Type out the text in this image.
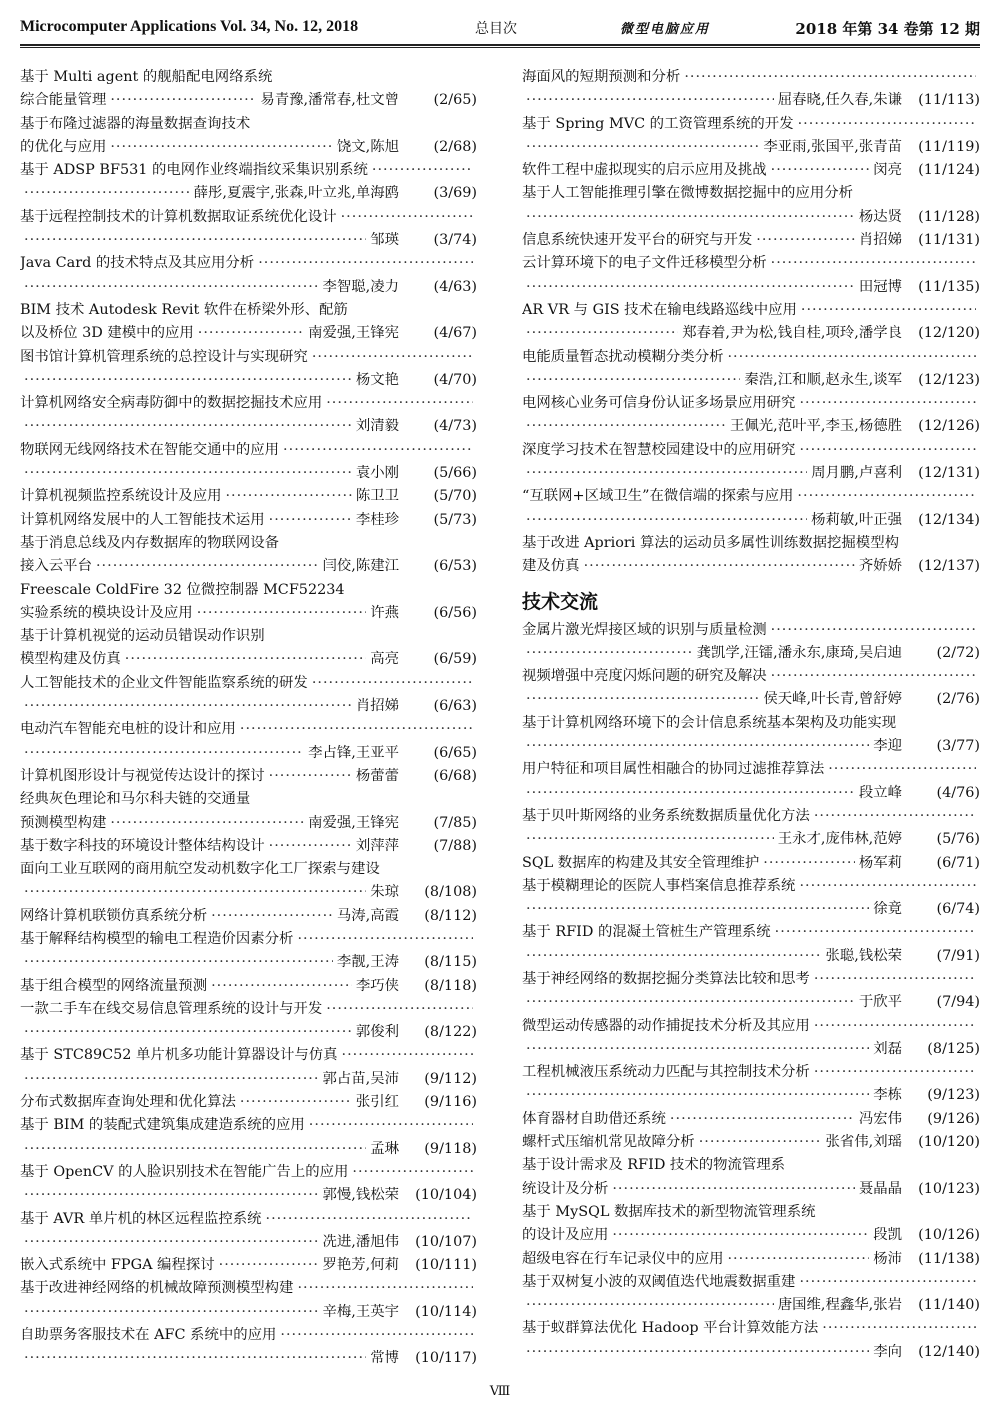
Microcomputer Applications Vol. 34, No. 12, 2018	总目次	微型电脑应用	2018 年第 34 卷第 12 期
基于 Multi agent 的舰船配电网络系统
综合能量管理 ·····	易青豫,潘常春,杜文曾	(2/65)
基于布隆过滤器的海量数据查询技术
的优化与应用 ·····	饶文,陈旭	(2/68)
基于 ADSP BF531 的电网作业终端指纹采集识别系统
·····
·····
薛彤,夏震宇,张森,叶立兆,单海鸥	(3/69)
基于远程控制技术的计算机数据取证系统优化设计
·····
·····
邹瑛	(3/74)
Java Card 的技术特点及其应用分析
·····
·····
李智聪,凌力	(4/63)
BIM 技术 Autodesk Revit 软件在桥梁外形、配筋
以及桥位 3D 建模中的应用 ·····	南爱强,王锋宪	(4/67)
图书馆计算机管理系统的总控设计与实现研究
·····
·····
杨文艳	(4/70)
计算机网络安全病毒防御中的数据挖掘技术应用
·····
·····
刘清毅	(4/73)
物联网无线网络技术在智能交通中的应用
·····
·····
袁小刚	(5/66)
计算机视频监控系统设计及应用 ·····	陈卫卫	(5/70)
计算机网络发展中的人工智能技术运用 ·····	李桂珍	(5/73)
基于消息总线及内存数据库的物联网设备
接入云平台 ·····	闫佼,陈建江	(6/53)
Freescale ColdFire 32 位微控制器 MCF52234
实验系统的模块设计及应用 ·····	许燕	(6/56)
基于计算机视觉的运动员错误动作识别
模型构建及仿真 ·····	高亮	(6/59)
人工智能技术的企业文件智能监察系统的研发
·····
·····
肖招娣	(6/63)
电动汽车智能充电桩的设计和应用
·····
·····
李占锋,王亚平	(6/65)
计算机图形设计与视觉传达设计的探讨 ·····	杨蕾蕾	(6/68)
经典灰色理论和马尔科夫链的交通量
预测模型构建 ·····	南爱强,王锋宪	(7/85)
基于数字科技的环境设计整体结构设计 ·····	刘萍萍	(7/88)
面向工业互联网的商用航空发动机数字化工厂探索与建设
·····
朱琼	(8/108)
网络计算机联锁仿真系统分析 ·····	马涛,高霞	(8/112)
基于解释结构模型的输电工程造价因素分析
·····
·····
李靓,王涛	(8/115)
基于组合模型的网络流量预测 ·····	李巧侠	(8/118)
一款二手车在线交易信息管理系统的设计与开发
·····
·····
郭俊利	(8/122)
基于 STC89C52 单片机多功能计算器设计与仿真
·····
·····
郭占苗,吴沛	(9/112)
分布式数据库查询处理和优化算法 ·····	张引红	(9/116)
基于 BIM 的装配式建筑集成建造系统的应用
·····
·····
孟琳	(9/118)
基于 OpenCV 的人脸识别技术在智能广告上的应用
·····
·····
郭慢,钱松荣	(10/104)
基于 AVR 单片机的林区远程监控系统
·····
·····
冼进,潘旭伟	(10/107)
嵌入式系统中 FPGA 编程探讨 ·····	罗艳芳,何莉	(10/111)
基于改进神经网络的机械故障预测模型构建
·····
·····
辛梅,王英宇	(10/114)
自助票务客服技术在 AFC 系统中的应用
·····
·····
常博	(10/117)
海面风的短期预测和分析
·····
·····
屈春晓,任久春,朱谦	(11/113)
基于 Spring MVC 的工资管理系统的开发
·····
·····
李亚雨,张国平,张青苗	(11/119)
软件工程中虚拟现实的启示应用及挑战 ·····	闵亮	(11/124)
基于人工智能推理引擎在微博数据挖掘中的应用分析
·····
杨达贤	(11/128)
信息系统快速开发平台的研究与开发 ·····	肖招娣	(11/131)
云计算环境下的电子文件迁移模型分析
·····
·····
田冠博	(11/135)
AR VR 与 GIS 技术在输电线路巡线中应用
·····
·····
郑春着,尹为松,钱自桂,项玲,潘学良	(12/120)
电能质量暂态扰动模糊分类分析
·····
·····
秦浩,江和顺,赵永生,谈军	(12/123)
电网核心业务可信身份认证多场景应用研究
·····
·····
王佩光,范叶平,李玉,杨德胜	(12/126)
深度学习技术在智慧校园建设中的应用研究
·····
·····
周月鹏,卢喜利	(12/131)
“互联网+区域卫生”在微信端的探索与应用
·····
·····
杨莉敏,叶正强	(12/134)
基于改进 Apriori 算法的运动员多属性训练数据挖掘模型构
建及仿真 ·····	齐娇娇	(12/137)
技术交流
金属片激光焊接区域的识别与质量检测
·····
·····
龚凯学,汪镭,潘永东,康琦,吴启迪	(2/72)
视频增强中亮度闪烁问题的研究及解决
·····
·····
侯天峰,叶长青,曾舒婷	(2/76)
基于计算机网络环境下的会计信息系统基本架构及功能实现
·····
李迎	(3/77)
用户特征和项目属性相融合的协同过滤推荐算法
·····
·····
段立峰	(4/76)
基于贝叶斯网络的业务系统数据质量优化方法
·····
·····
王永才,庞伟林,范婷	(5/76)
SQL 数据库的构建及其安全管理维护 ·····	杨军莉	(6/71)
基于模糊理论的医院人事档案信息推荐系统
·····
·····
徐竟	(6/74)
基于 RFID 的混凝土管桩生产管理系统
·····
·····
张聪,钱松荣	(7/91)
基于神经网络的数据挖掘分类算法比较和思考
·····
·····
于欣平	(7/94)
微型运动传感器的动作捕捉技术分析及其应用
·····
·····
刘磊	(8/125)
工程机械液压系统动力匹配与其控制技术分析
·····
·····
李栋	(9/123)
体育器材自助借还系统 ·····	冯宏伟	(9/126)
螺杆式压缩机常见故障分析 ·····	张省伟,刘瑶	(10/120)
基于设计需求及 RFID 技术的物流管理系
统设计及分析 ·····	聂晶晶	(10/123)
基于 MySQL 数据库技术的新型物流管理系统
的设计及应用 ·····	段凯	(10/126)
超级电容在行车记录仪中的应用 ·····	杨沛	(11/138)
基于双树复小波的双阈值迭代地震数据重建
·····
·····
唐国维,程鑫华,张岩	(11/140)
基于蚁群算法优化 Hadoop 平台计算效能方法
·····
·····
李向	(12/140)
Ⅷ
